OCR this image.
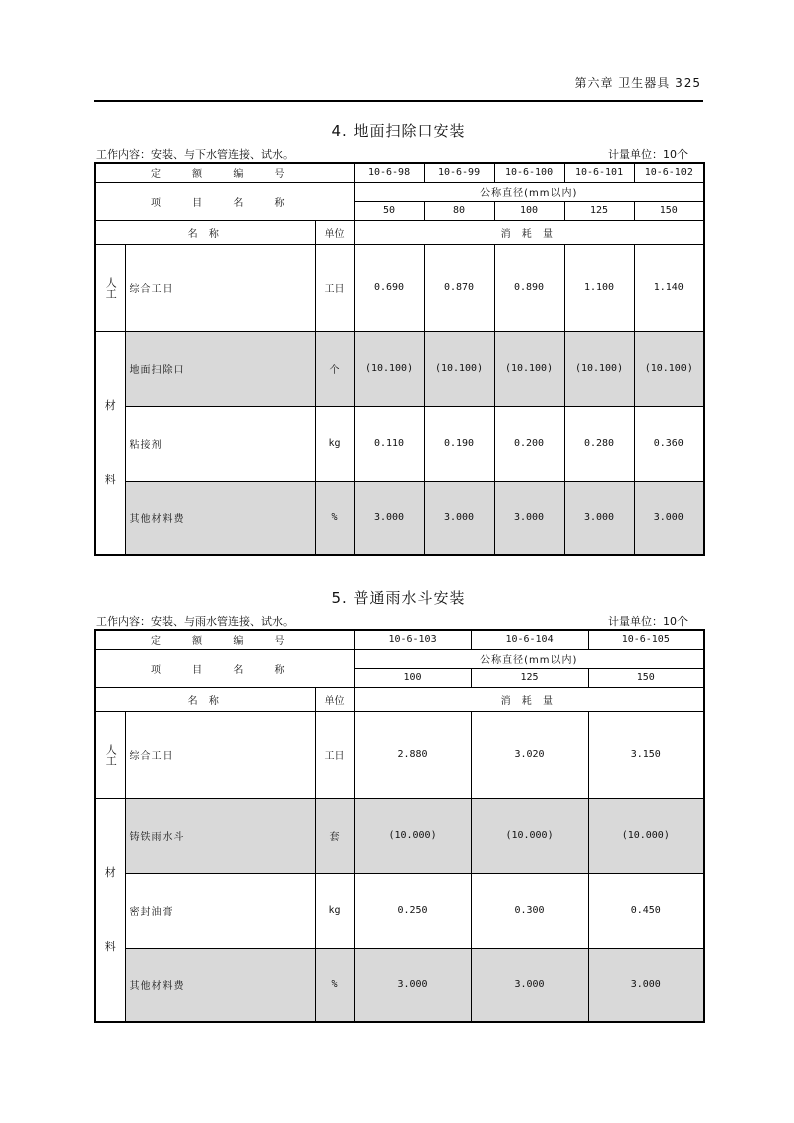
第六章 卫生器具 325
4. 地面扫除口安装
工作内容：安装、与下水管连接、试水。	计量单位：10个
定 额 编 号			10-6-98	10-6-99	10-6-100	10-6-101	10-6-102
项 目 名 称			公称直径(mm以内)				
			50	80	100	125	150
名 称		单位	消 耗 量				
人工	综合工日	工日	0.690	0.870	0.890	1.100	1.140

材
料	地面扫除口	个	(10.100)	(10.100)	(10.100)	(10.100)	(10.100)
	粘接剂	kg	0.110	0.190	0.200	0.280	0.360
	其他材料费	%	3.000	3.000	3.000	3.000	3.000
5. 普通雨水斗安装
工作内容：安装、与雨水管连接、试水。	计量单位：10个
定 额 编 号			10-6-103	10-6-104	10-6-105
项 目 名 称			公称直径(mm以内)		
			100	125	150
名 称		单位	消 耗 量		
人工	综合工日	工日	2.880	3.020	3.150

材
料	铸铁雨水斗	套	(10.000)	(10.000)	(10.000)
	密封油膏	kg	0.250	0.300	0.450
	其他材料费	%	3.000	3.000	3.000
